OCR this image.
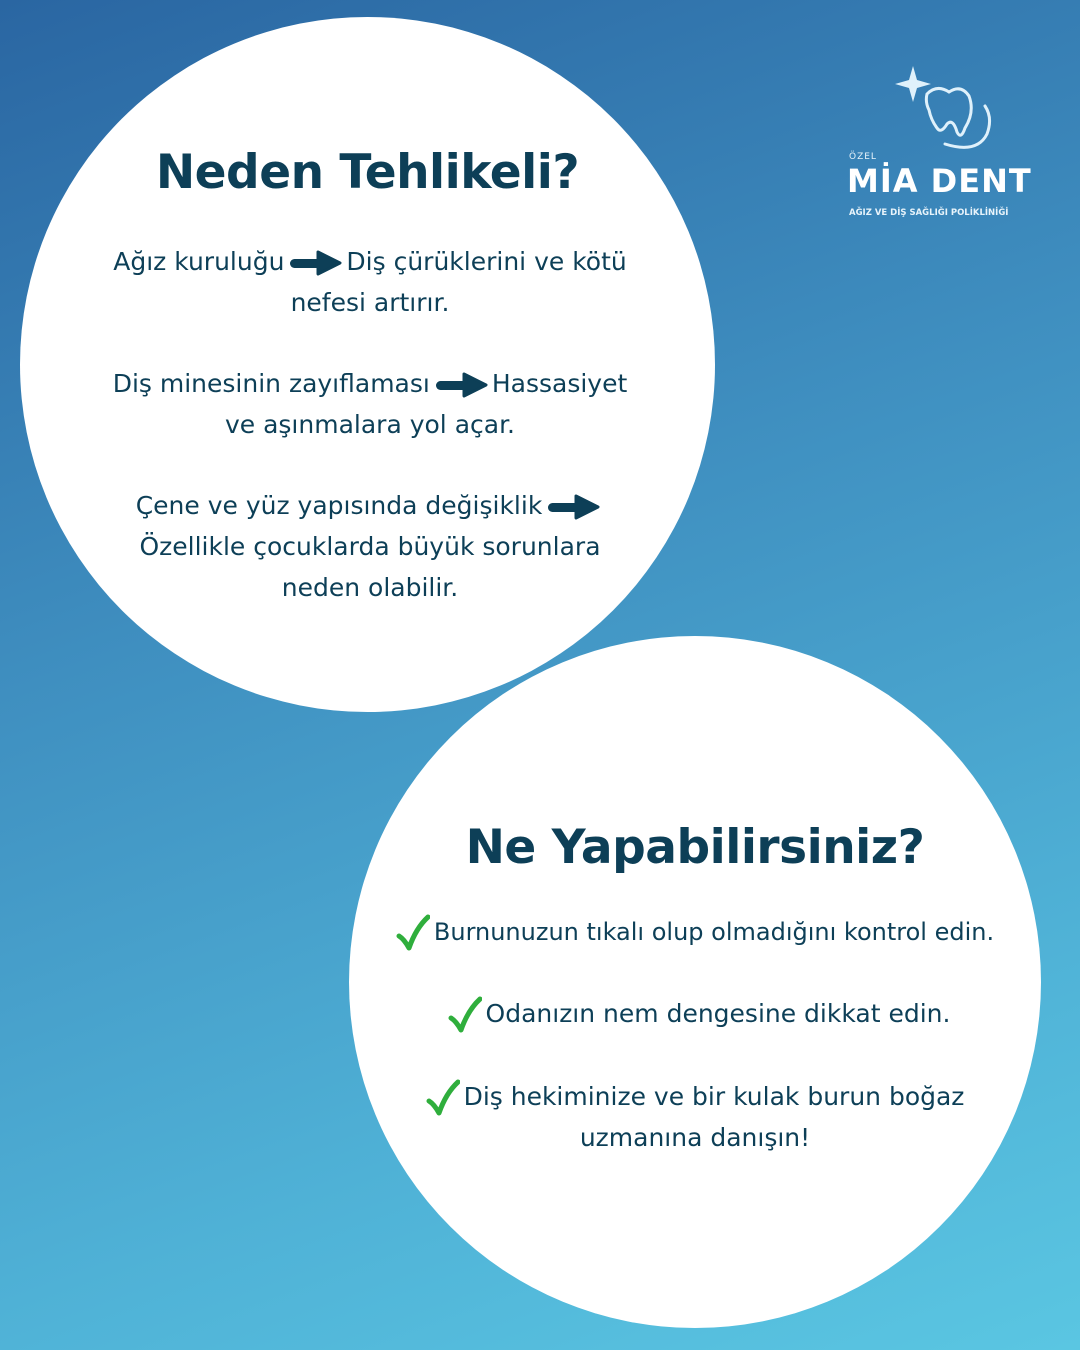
Neden Tehlikeli?

Ağız kuruluğu Diş çürüklerini ve kötü
nefesi artırır.

Diş minesinin zayıflaması Hassasiyet
ve aşınmalara yol açar.

Çene ve yüz yapısında değişiklik
Özellikle çocuklarda büyük sorunlara
neden olabilir.

Ne Yapabilirsiniz?

Burnunuzun tıkalı olup olmadığını kontrol edin.

Odanızın nem dengesine dikkat edin.

Diş hekiminize ve bir kulak burun boğaz
uzmanına danışın!

ÖZEL
MİA DENT
AĞIZ VE DİŞ SAĞLIĞI POLİKLİNİĞİ
